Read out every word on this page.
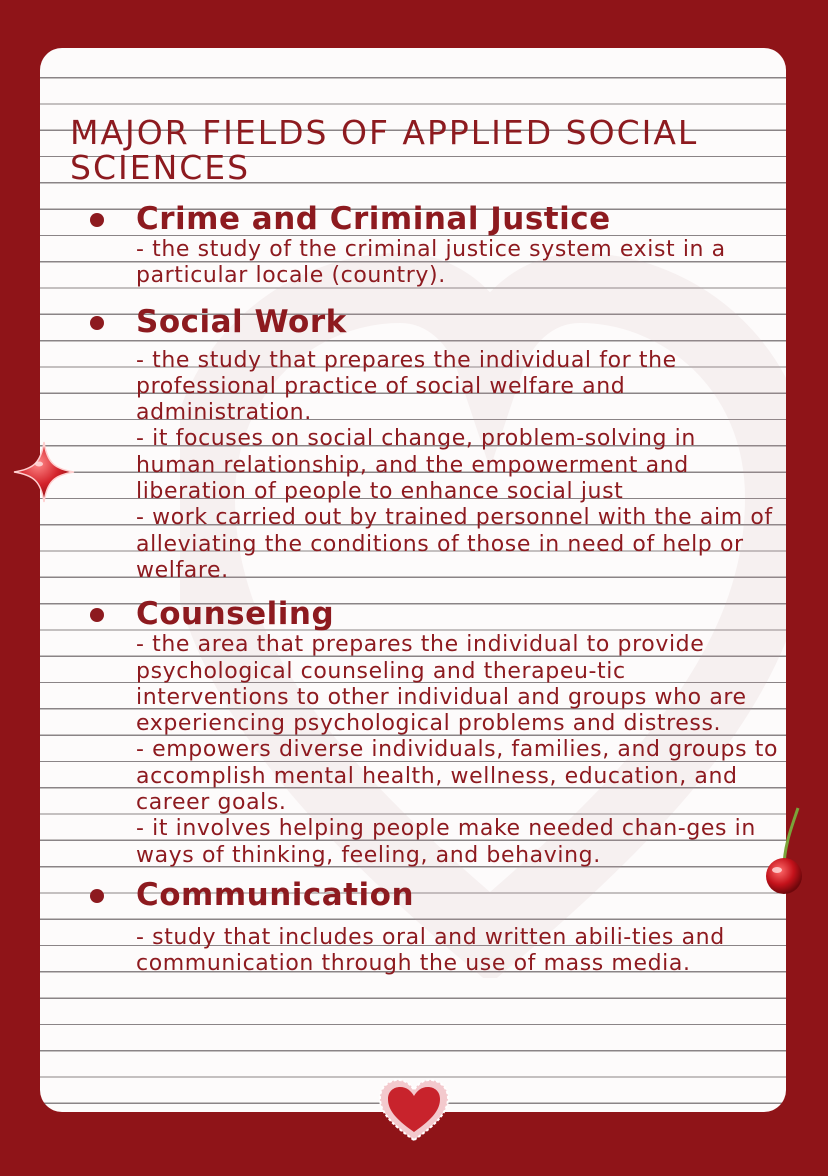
MAJOR FIELDS OF APPLIED SOCIAL SCIENCES

Crime and Criminal Justice
- the study of the criminal justice system exist in a particular locale (country).
Social Work
- the study that prepares the individual for the professional practice of social welfare and administration.
- it focuses on social change, problem-solving in human relationship, and the empowerment and liberation of people to enhance social just
- work carried out by trained personnel with the aim of alleviating the conditions of those in need of help or welfare.
Counseling
- the area that prepares the individual to provide psychological counseling and therapeu-tic interventions to other individual and groups who are experiencing psychological problems and distress.
- empowers diverse individuals, families, and groups to accomplish mental health, wellness, education, and career goals.
- it involves helping people make needed chan-ges in ways of thinking, feeling, and behaving.
Communication
- study that includes oral and written abili-ties and communication through the use of mass media.
